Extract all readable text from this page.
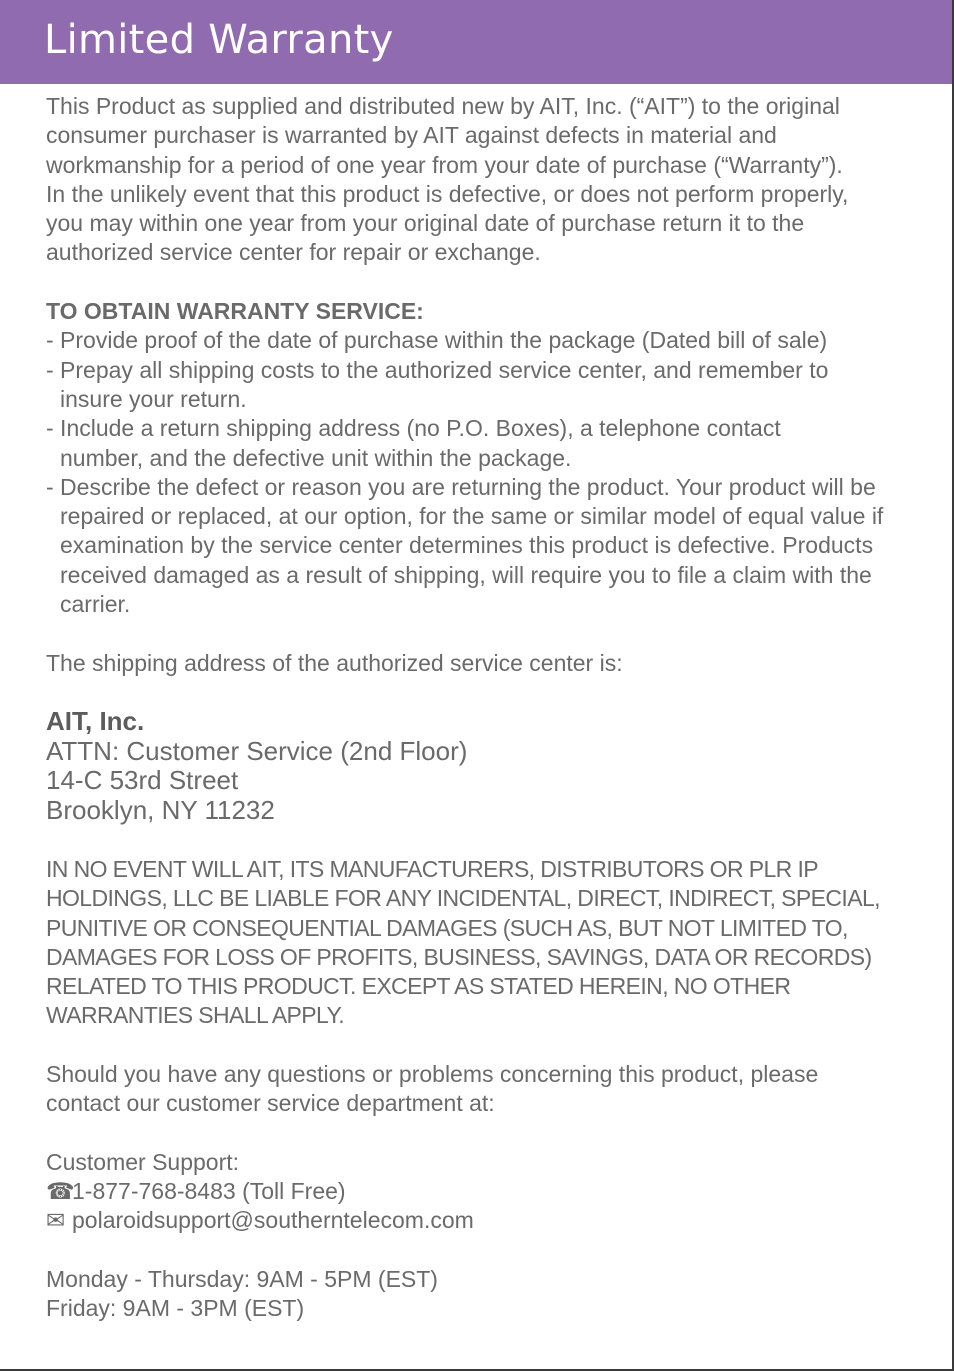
Limited Warranty
This Product as supplied and distributed new by AIT, Inc. (“AIT”) to the original
consumer purchaser is warranted by AIT against defects in material and
workmanship for a period of one year from your date of purchase (“Warranty”).
In the unlikely event that this product is defective, or does not perform properly,
you may within one year from your original date of purchase return it to the
authorized service center for repair or exchange.

TO OBTAIN WARRANTY SERVICE:

- Provide proof of the date of purchase within the package (Dated bill of sale)
- Prepay all shipping costs to the authorized service center, and remember to insure your return.
- Include a return shipping address (no P.O. Boxes), a telephone contact number, and the defective unit within the package.
- Describe the defect or reason you are returning the product. Your product will be repaired or replaced, at our option, for the same or similar model of equal value if examination by the service center determines this product is defective. Products received damaged as a result of shipping, will require you to file a claim with the carrier.

The shipping address of the authorized service center is:

AIT, Inc.
ATTN: Customer Service (2nd Floor)
14-C 53rd Street
Brooklyn, NY 11232
IN NO EVENT WILL AIT, ITS MANUFACTURERS, DISTRIBUTORS OR PLR IP
HOLDINGS, LLC BE LIABLE FOR ANY INCIDENTAL, DIRECT, INDIRECT, SPECIAL,
PUNITIVE OR CONSEQUENTIAL DAMAGES (SUCH AS, BUT NOT LIMITED TO,
DAMAGES FOR LOSS OF PROFITS, BUSINESS, SAVINGS, DATA OR RECORDS)
RELATED TO THIS PRODUCT. EXCEPT AS STATED HEREIN, NO OTHER
WARRANTIES SHALL APPLY.
Should you have any questions or problems concerning this product, please
contact our customer service department at:
Customer Support:
☎1-877-768-8483 (Toll Free)
✉ polaroidsupport@southerntelecom.com
Monday - Thursday: 9AM - 5PM (EST)
Friday: 9AM - 3PM (EST)
